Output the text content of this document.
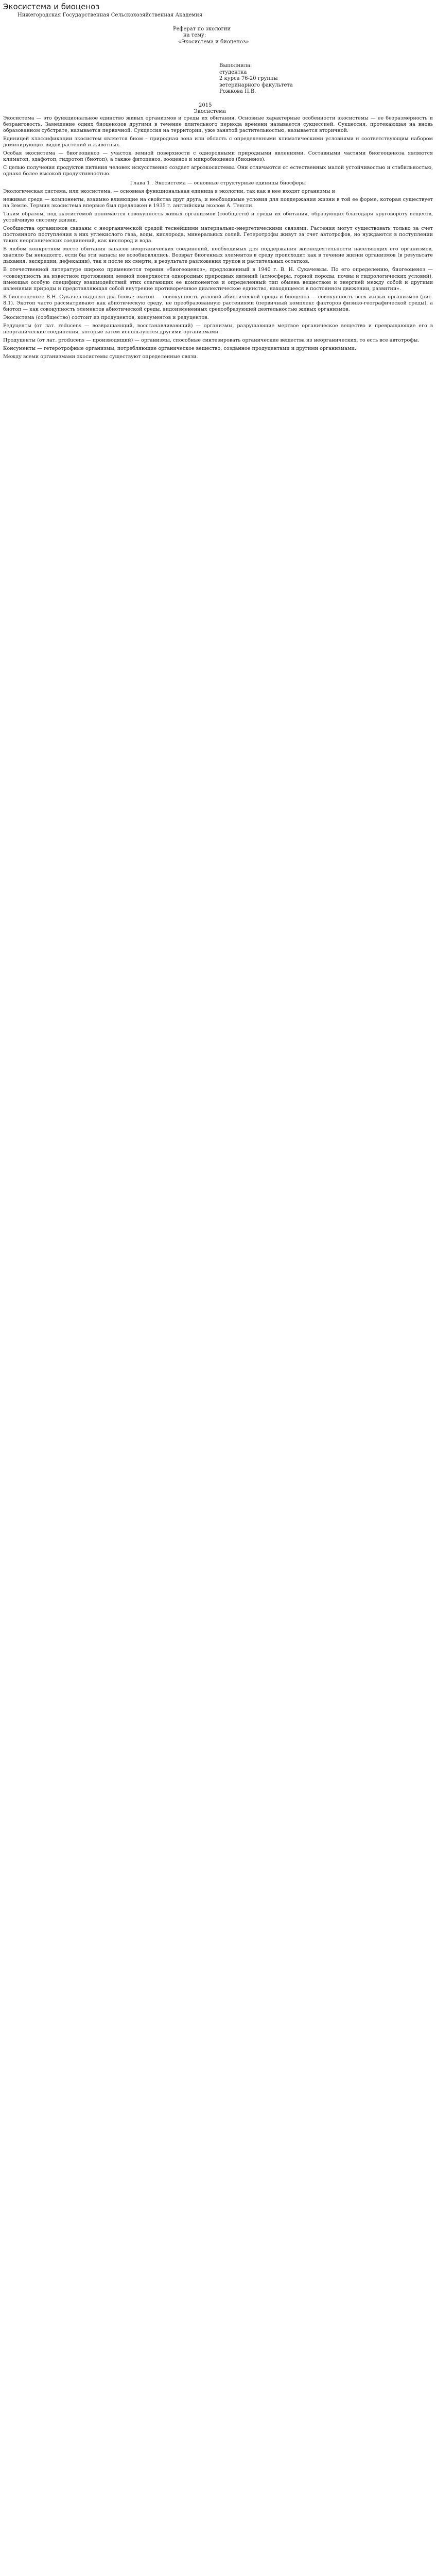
Экосистема и биоценоз
Нижегородская Государственная Сельскохозяйственная Академия
Реферат по экологии
на тему:
«Экосистема и биоценоз»
Выполнила:
студентка
2 курса 76-20 группы
ветеринарного факультета
Рожкова П.В.
2015
Экосистема

Экосистема — это функциональное единство живых организмов и среды их обитания. Основные характерные особенности экосистемы — ее безразмерность и безранговость. Замещение одних биоценозов другими в течение длительного периода времени называется сукцессией. Сукцессия, протекающая на вновь образованном субстрате, называется первичной. Сукцессия на территории, уже занятой растительностью, называется вторичной.

Единицей классификации экосистем является биом – природная зона или область с определенными климатическими условиями и соответствующим набором доминирующих видов растений и животных.

Особая экосистема — биогеоценоз — участок земной поверхности с однородными природными явлениями. Составными частями биогеоценоза являются климатоп, эдафотоп, гидротоп (биотоп), а также фитоценоз, зооценоз и микробиоценоз (биоценоз).

С целью получения продуктов питания человек искусственно создает агроэкосистемы. Они отличаются от естественных малой устойчивостью и стабильностью, однако более высокой продуктивностью.

Глава 1 . Экосистема — основные структурные единицы биосферы

Экологическая система, или экосистема, — основная функциональная единица в экологии, так как в нее входят организмы и

неживая среда — компоненты, взаимно влияющие на свойства друг друга, и необходимые условия для поддержания жизни в той ее форме, которая существует на Земле. Термин экосистема впервые был предложен в 1935 г. английским эколом А. Тенсли.

Таким образом, под экосистемой понимается совокупность живых организмов (сообществ) и среды их обитания, образующих благодаря круговороту веществ, устойчивую систему жизни.

Сообщества организмов связаны с неорганической средой теснейшими материально-энергетическими связями. Растения могут существовать только за счет постоянного поступления в них углекислого газа, воды, кислорода, минеральных солей. Гетеротрофы живут за счет автотрофов, но нуждаются в поступлении таких неорганических соединений, как кислород и вода.

В любом конкретном месте обитания запасов неорганических соединений, необходимых для поддержания жизнедеятельности населяющих его организмов, хватило бы ненадолго, если бы эти запасы не возобновлялись. Возврат биогенных элементов в среду происходит как в течение жизни организмов (в результате дыхания, экскреции, дефекации), так и после их смерти, в результате разложения трупов и растительных остатков.

В отечественной литературе широко применяется термин «биогеоценоз», предложенный в 1940 г. В. Н. Сукачевым. По его определению, биогеоценоз — «совокупность на известном протяжении земной поверхности однородных природных явлений (атмосферы, горной породы, почвы и гидрологических условий), имеющая особую специфику взаимодействий этих слагающих ее компонентов и определенный тип обмена веществом и энергией между собой и другими явлениями природы и представляющая собой внутренне противоречивое диалектическое единство, находящееся в постоянном движении, развитии».

В биогеоценозе В.Н. Сукачев выделял два блока: экотоп — совокупность условий абиотической среды и биоценоз — совокупность всех живых организмов (рис. 8.1). Экотоп часто рассматривают как абиотическую среду, не преобразованную растениями (первичный комплекс факторов физико-географической среды), а биотоп — как совокупность элементов абиотической среды, видоизмененных средообразующей деятельностью живых организмов.

Экосистема (сообщество) состоит из продуцентов, консументов и редуцентов.

Редуценты (от лат. reducens — возвращающий, восстанавливающий) — организмы, разрушающие мертвое органическое вещество и превращающие его в неорганические соединения, которые затем используются другими организмами.

Продуценты (от лат. producens — производящий) — организмы, способные синтезировать органические вещества из неорганических, то есть все автотрофы.

Консументы — гетеротрофные организмы, потребляющие органическое вещество, созданное продуцентами и другими организмами.

Между всеми организмами экосистемы существуют определенные связи.
